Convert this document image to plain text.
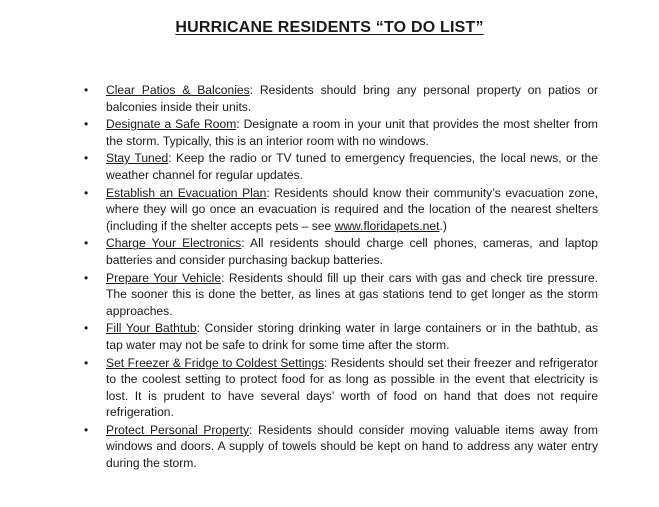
HURRICANE RESIDENTS “TO DO LIST”
• Clear Patios & Balconies: Residents should bring any personal property on patios or balconies inside their units.
• Designate a Safe Room: Designate a room in your unit that provides the most shelter from the storm. Typically, this is an interior room with no windows.
• Stay Tuned: Keep the radio or TV tuned to emergency frequencies, the local news, or the weather channel for regular updates.
• Establish an Evacuation Plan: Residents should know their community’s evacuation zone, where they will go once an evacuation is required and the location of the nearest shelters (including if the shelter accepts pets – see www.floridapets.net.)
• Charge Your Electronics: All residents should charge cell phones, cameras, and laptop batteries and consider purchasing backup batteries.
• Prepare Your Vehicle: Residents should fill up their cars with gas and check tire pressure. The sooner this is done the better, as lines at gas stations tend to get longer as the storm approaches.
• Fill Your Bathtub: Consider storing drinking water in large containers or in the bathtub, as tap water may not be safe to drink for some time after the storm.
• Set Freezer & Fridge to Coldest Settings: Residents should set their freezer and refrigerator to the coolest setting to protect food for as long as possible in the event that electricity is lost. It is prudent to have several days’ worth of food on hand that does not require refrigeration.
• Protect Personal Property: Residents should consider moving valuable items away from windows and doors. A supply of towels should be kept on hand to address any water entry during the storm.
